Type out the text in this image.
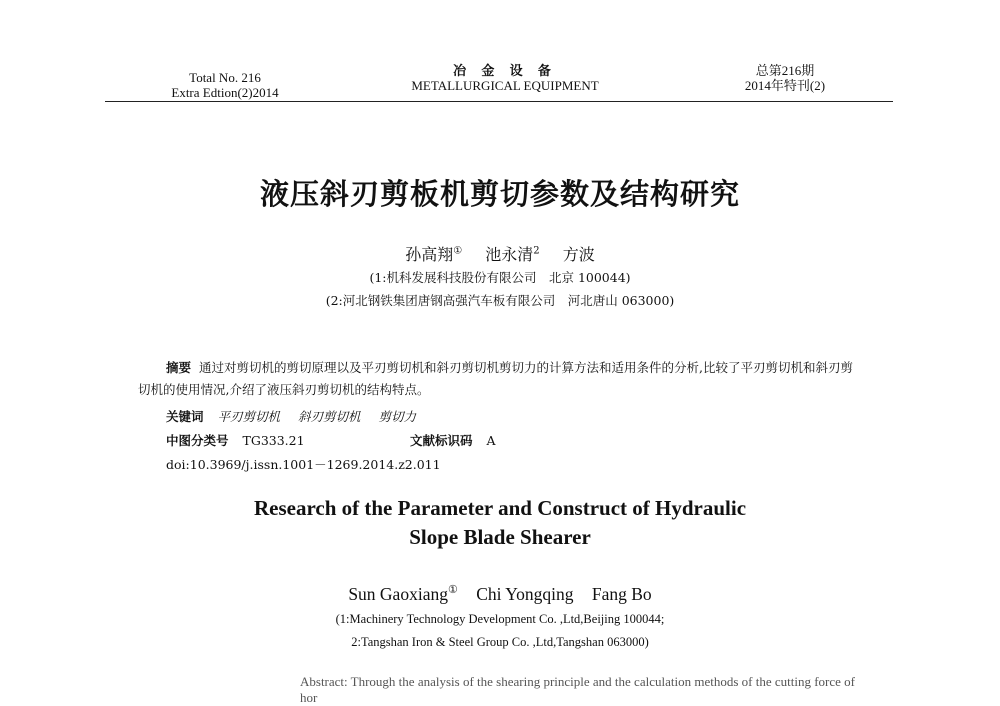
Total No. 216
Extra Edtion(2)2014
冶 金 设 备
METALLURGICAL EQUIPMENT
总第216期
2014年特刊(2)
液压斜刃剪板机剪切参数及结构研究
孙高翔① 池永清$^2$ 方波
(1:机科发展科技股份有限公司　北京 100044)
(2:河北钢铁集团唐钢高强汽车板有限公司　河北唐山 063000)
摘要 通过对剪切机的剪切原理以及平刃剪切机和斜刃剪切机剪切力的计算方法和适用条件的分析,比较了平刃剪切机和斜刃剪切机的使用情况,介绍了液压斜刃剪切机的结构特点。
关键词 平刃剪切机 斜刃剪切机 剪切力
中图分类号 TG333.21	文献标识码 A
doi:10.3969/j.issn.1001－1269.2014.z2.011
Research of the Parameter and Construct of Hydraulic
Slope Blade Shearer
Sun Gaoxiang① Chi Yongqing Fang Bo
(1:Machinery Technology Development Co. ,Ltd,Beijing 100044;
2:Tangshan Iron & Steel Group Co. ,Ltd,Tangshan 063000)
Abstract: Through the analysis of the shearing principle and the calculation methods of the cutting force of hor
